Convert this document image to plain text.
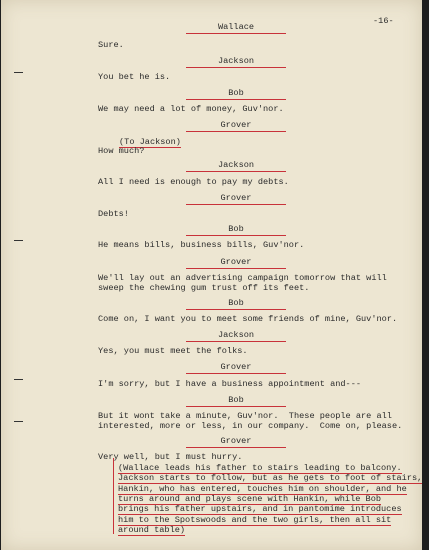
-16-
Wallace
Sure.
Jackson
You bet he is.
Bob
We may need a lot of money, Guv'nor.
Grover
(To Jackson)
How much?
Jackson
All I need is enough to pay my debts.
Grover
Debts!
Bob
He means bills, business bills, Guv'nor.
Grover
We'll lay out an advertising campaign tomorrow that will
sweep the chewing gum trust off its feet.
Bob
Come on, I want you to meet some friends of mine, Guv'nor.
Jackson
Yes, you must meet the folks.
Grover
I'm sorry, but I have a business appointment and---
Bob
But it wont take a minute, Guv'nor.  These people are all
interested, more or less, in our company.  Come on, please.
Grover
Very well, but I must hurry.
(Wallace leads his father to stairs leading to balcony.
Jackson starts to follow, but as he gets to foot of stairs,
Hankin, who has entered, touches him on shoulder, and he
turns around and plays scene with Hankin, while Bob
brings his father upstairs, and in pantomime introduces
him to the Spotswoods and the two girls, then all sit
around table)
